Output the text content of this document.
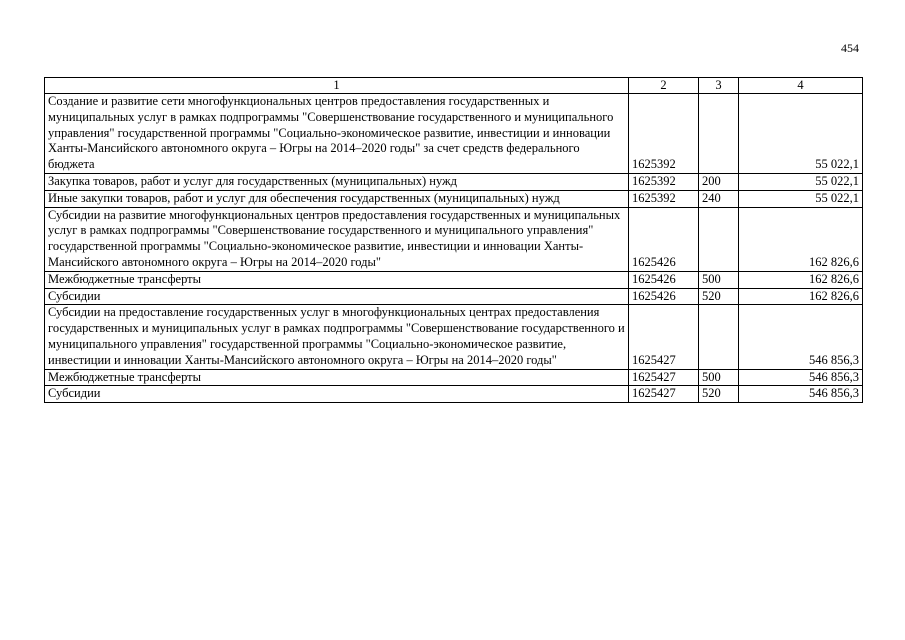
454
1	2	3	4
Создание и развитие сети многофункциональных центров предоставления государственных и муниципальных услуг в рамках подпрограммы "Совершенствование государственного и муниципального управления" государственной программы "Социально-экономическое развитие, инвестиции и инновации Ханты-Мансийского автономного округа – Югры на 2014–2020 годы" за счет средств федерального бюджета	1625392		55 022,1
Закупка товаров, работ и услуг для государственных (муниципальных) нужд	1625392	200	55 022,1
Иные закупки товаров, работ и услуг для обеспечения государственных (муниципальных) нужд	1625392	240	55 022,1
Субсидии на развитие многофункциональных центров предоставления государственных и муниципальных услуг в рамках подпрограммы "Совершенствование государственного и муниципального управления" государственной программы "Социально-экономическое развитие, инвестиции и инновации Ханты-Мансийского автономного округа – Югры на 2014–2020 годы"	1625426		162 826,6
Межбюджетные трансферты	1625426	500	162 826,6
Субсидии	1625426	520	162 826,6
Субсидии на предоставление государственных услуг в многофункциональных центрах предоставления государственных и муниципальных услуг в рамках подпрограммы "Совершенствование государственного и муниципального управления" государственной программы "Социально-экономическое развитие, инвестиции и инновации Ханты-Мансийского автономного округа – Югры на 2014–2020 годы"	1625427		546 856,3
Межбюджетные трансферты	1625427	500	546 856,3
Субсидии	1625427	520	546 856,3
